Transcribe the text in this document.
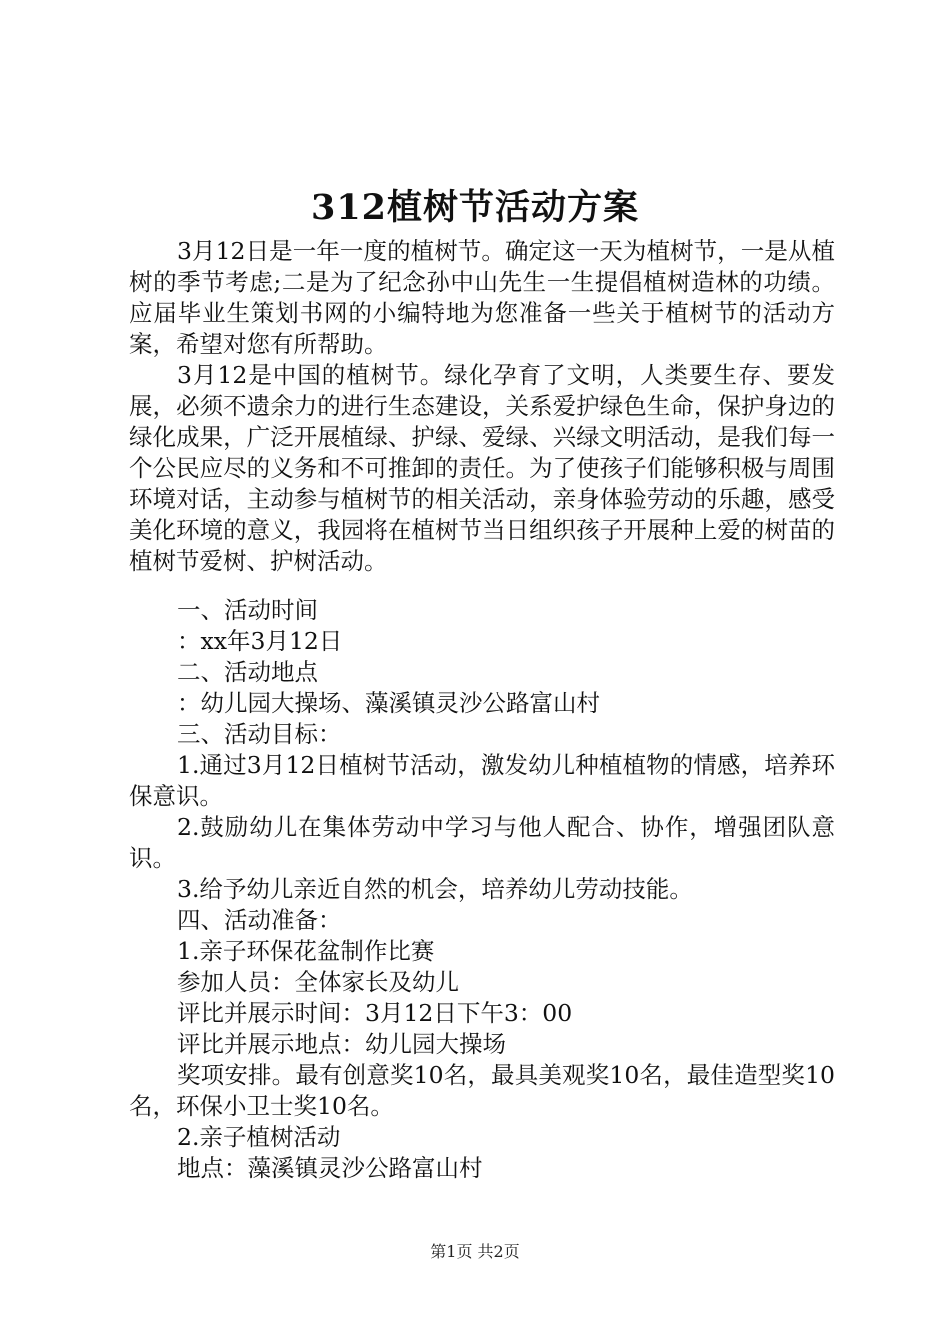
312植树节活动方案

3月12日是一年一度的植树节。确定这一天为植树节，一是从植树的季节考虑;二是为了纪念孙中山先生一生提倡植树造林的功绩。应届毕业生策划书网的小编特地为您准备一些关于植树节的活动方案，希望对您有所帮助。

3月12是中国的植树节。绿化孕育了文明，人类要生存、要发展，必须不遗余力的进行生态建设，关系爱护绿色生命，保护身边的绿化成果，广泛开展植绿、护绿、爱绿、兴绿文明活动，是我们每一个公民应尽的义务和不可推卸的责任。为了使孩子们能够积极与周围环境对话，主动参与植树节的相关活动，亲身体验劳动的乐趣，感受美化环境的意义，我园将在植树节当日组织孩子开展种上爱的树苗的植树节爱树、护树活动。

一、活动时间

：xx年3月12日

二、活动地点

：幼儿园大操场、藻溪镇灵沙公路富山村

三、活动目标：

1.通过3月12日植树节活动，激发幼儿种植植物的情感，培养环保意识。

2.鼓励幼儿在集体劳动中学习与他人配合、协作，增强团队意识。

3.给予幼儿亲近自然的机会，培养幼儿劳动技能。

四、活动准备：

1.亲子环保花盆制作比赛

参加人员：全体家长及幼儿

评比并展示时间：3月12日下午3：00

评比并展示地点：幼儿园大操场

奖项安排。最有创意奖10名，最具美观奖10名，最佳造型奖10名，环保小卫士奖10名。

2.亲子植树活动

地点：藻溪镇灵沙公路富山村

第1页 共2页
